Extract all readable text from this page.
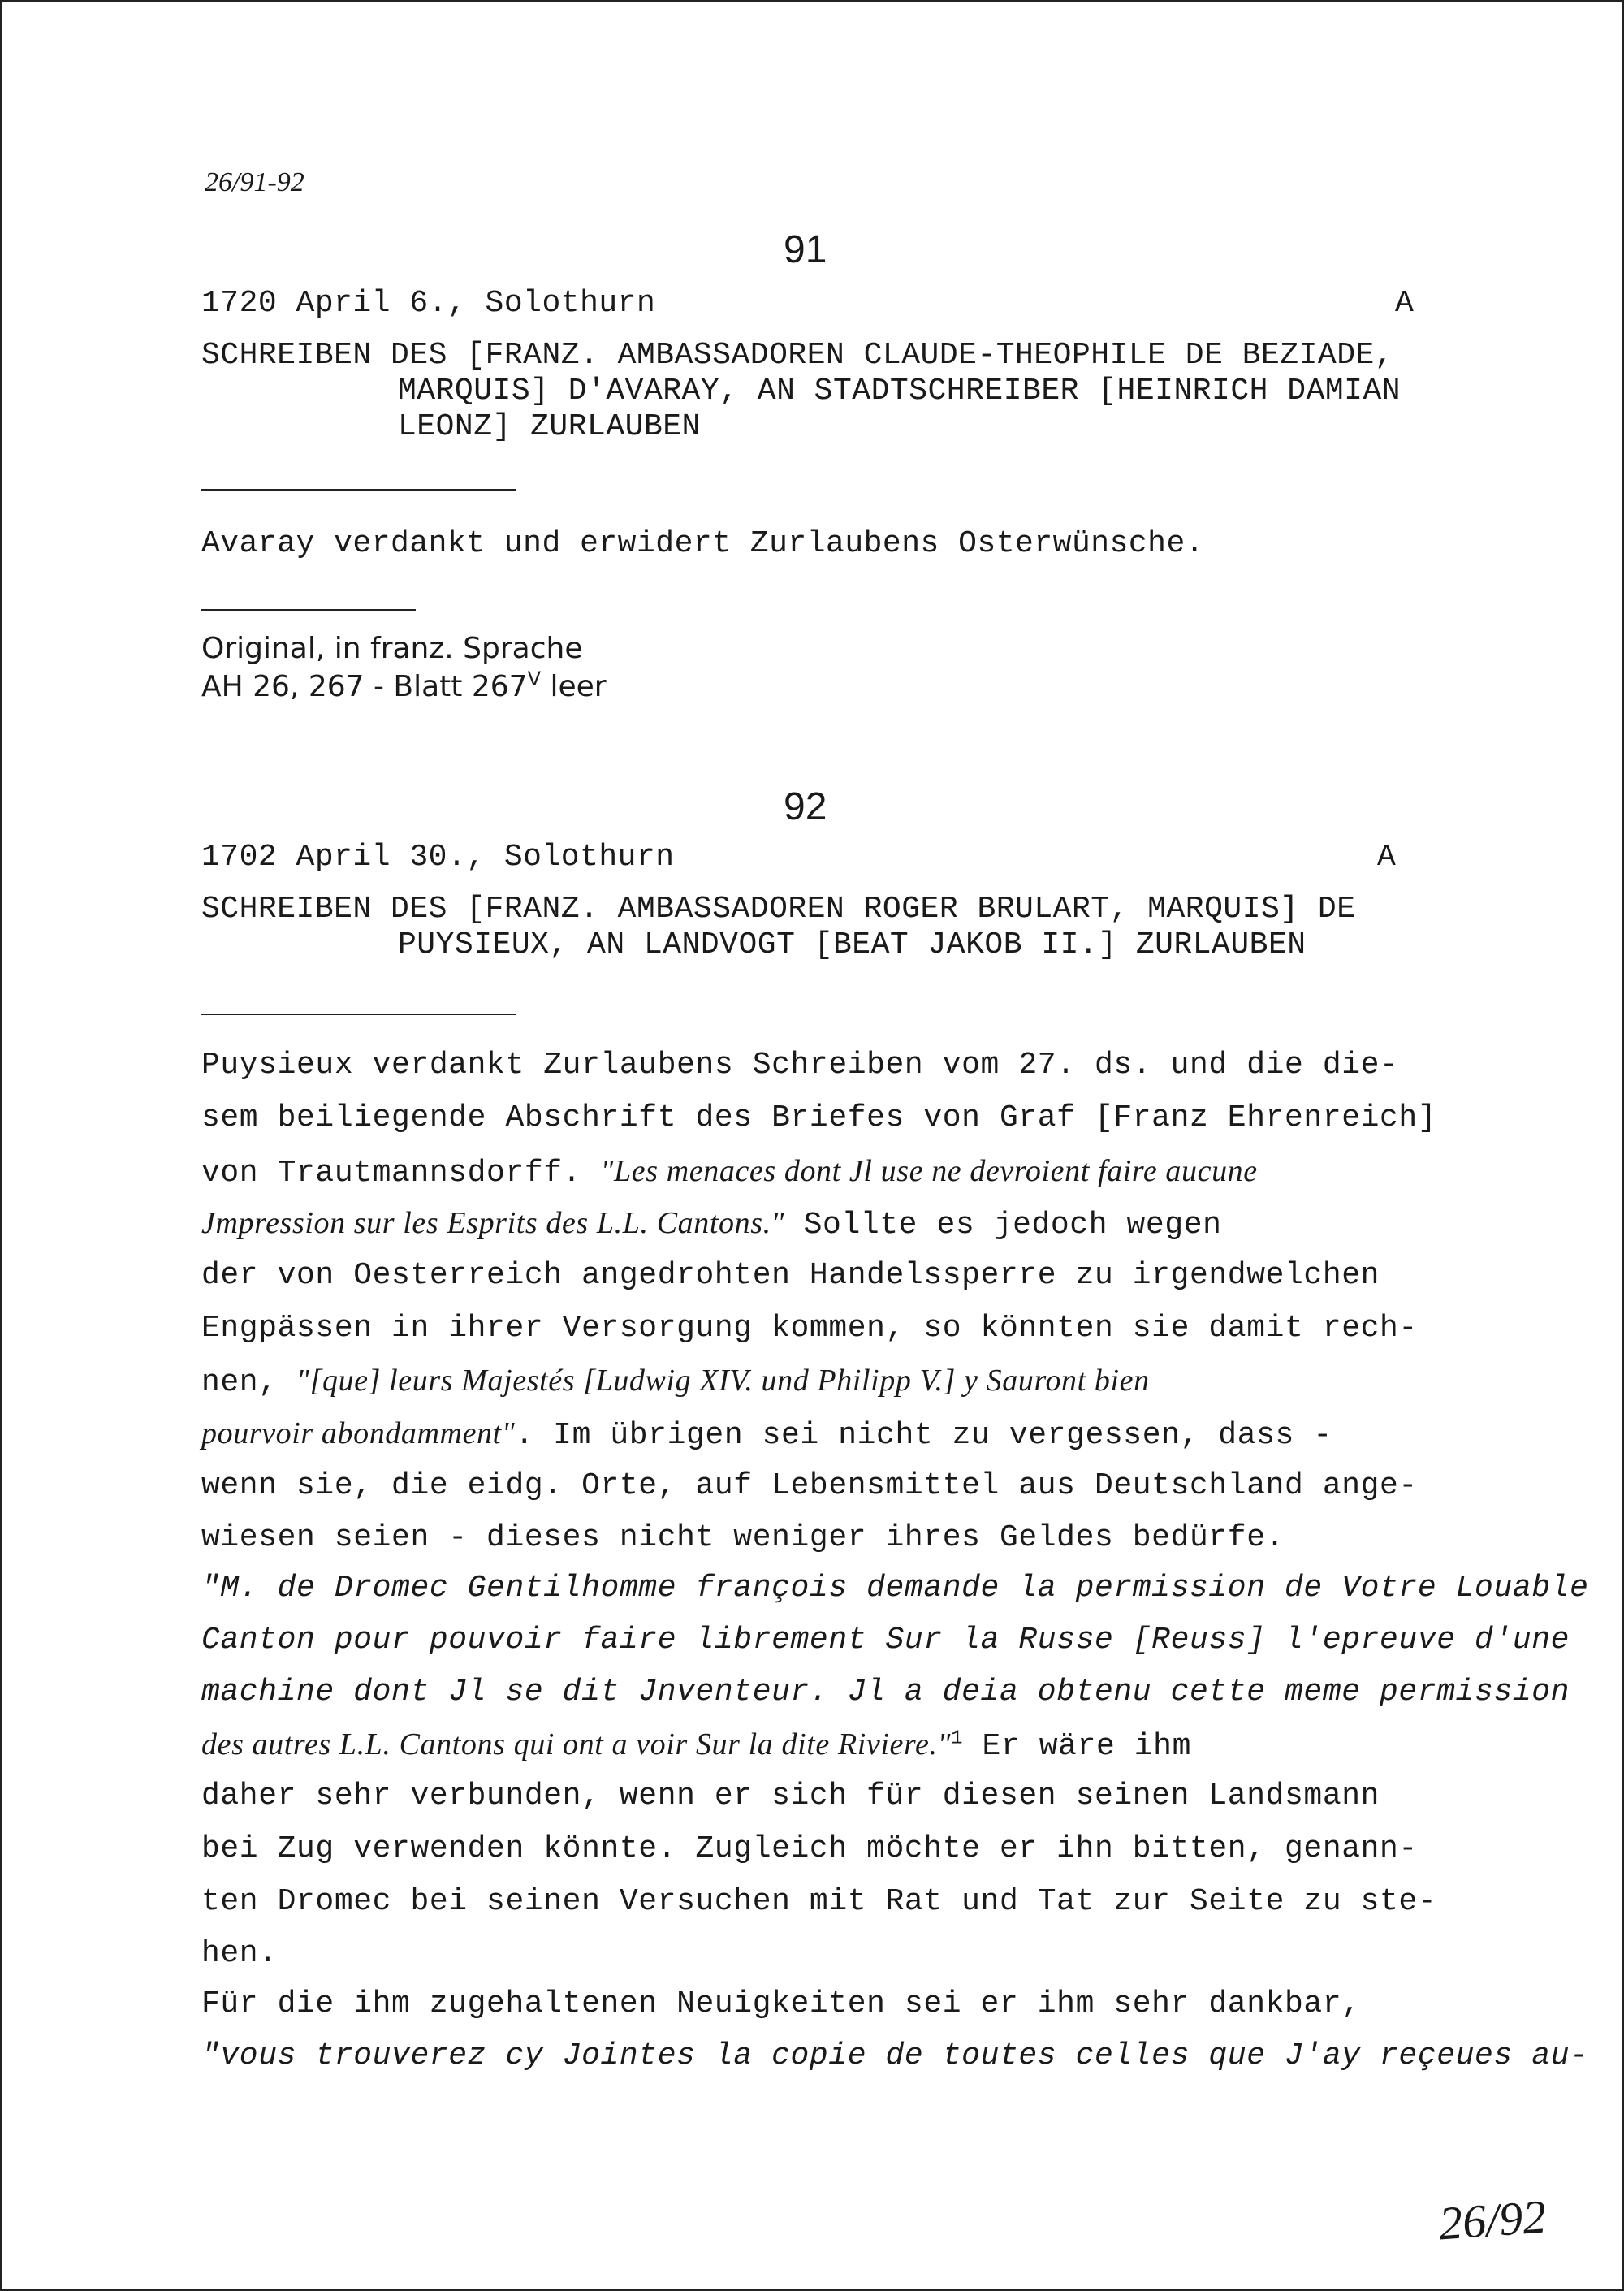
26/91-92
91
1720 April 6., Solothurn	A
SCHREIBEN DES [FRANZ. AMBASSADOREN CLAUDE-THEOPHILE DE BEZIADE,
MARQUIS] D'AVARAY, AN STADTSCHREIBER [HEINRICH DAMIAN
LEONZ] ZURLAUBEN
Avaray verdankt und erwidert Zurlaubens Osterwünsche.
Original, in franz. Sprache
AH 26, 267 - Blatt $267^V$ leer
92
1702 April 30., Solothurn	A
SCHREIBEN DES [FRANZ. AMBASSADOREN ROGER BRULART, MARQUIS] DE
PUYSIEUX, AN LANDVOGT [BEAT JAKOB II.] ZURLAUBEN
Puysieux verdankt Zurlaubens Schreiben vom 27. ds. und die die-
sem beiliegende Abschrift des Briefes von Graf [Franz Ehrenreich]
von Trautmannsdorff. "Les menaces dont Jl use ne devroient faire aucune
Jmpression sur les Esprits des L.L. Cantons." Sollte es jedoch wegen
der von Oesterreich angedrohten Handelssperre zu irgendwelchen
Engpässen in ihrer Versorgung kommen, so könnten sie damit rech-
nen, "[que] leurs Majestés [Ludwig XIV. und Philipp V.] y Sauront bien
pourvoir abondamment". Im übrigen sei nicht zu vergessen, dass -
wenn sie, die eidg. Orte, auf Lebensmittel aus Deutschland ange-
wiesen seien - dieses nicht weniger ihres Geldes bedürfe.
"M. de Dromec Gentilhomme françois demande la permission de Votre Louable
Canton pour pouvoir faire librement Sur la Russe [Reuss] l'epreuve d'une
machine dont Jl se dit Jnventeur. Jl a deia obtenu cette meme permission
des autres L.L. Cantons qui ont a voir Sur la dite Riviere."$^1$ Er wäre ihm
daher sehr verbunden, wenn er sich für diesen seinen Landsmann
bei Zug verwenden könnte. Zugleich möchte er ihn bitten, genann-
ten Dromec bei seinen Versuchen mit Rat und Tat zur Seite zu ste-
hen.
Für die ihm zugehaltenen Neuigkeiten sei er ihm sehr dankbar,
"vous trouverez cy Jointes la copie de toutes celles que J'ay reçeues au-
26/92
